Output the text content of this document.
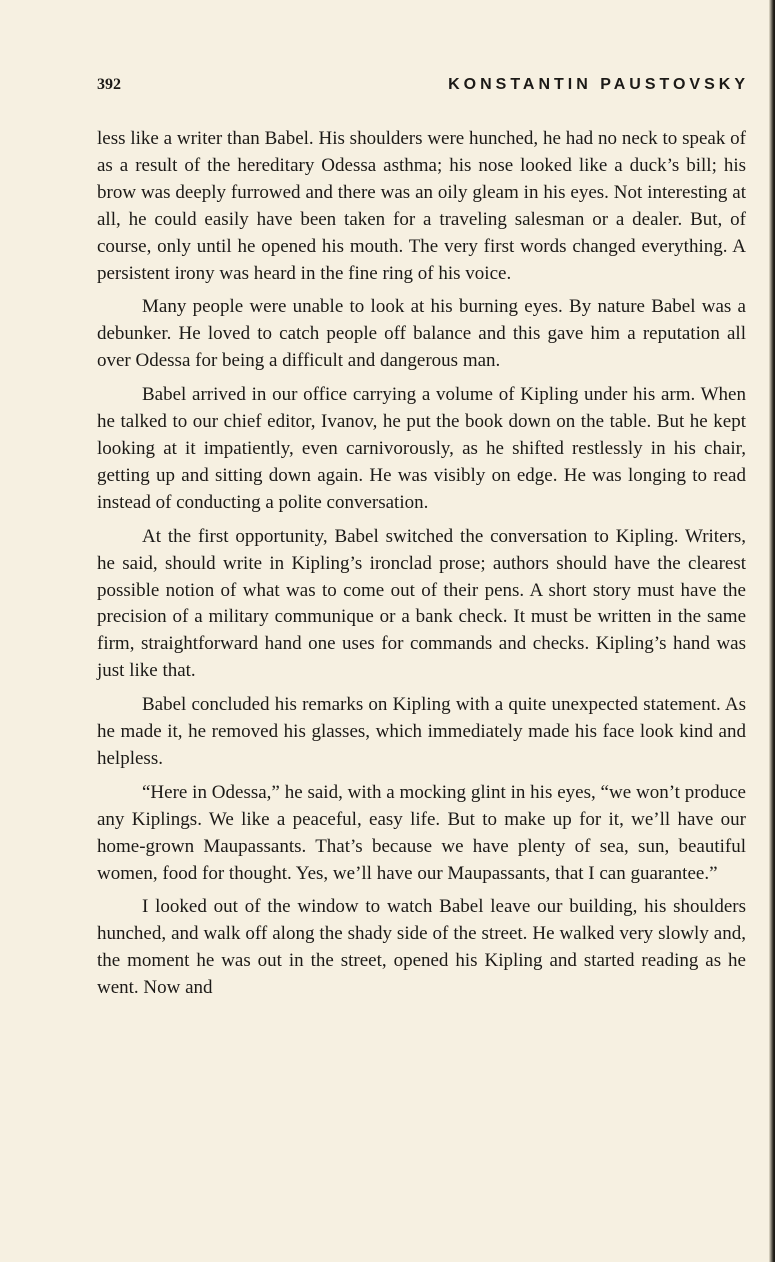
392	KONSTANTIN PAUSTOVSKY

less like a writer than Babel. His shoulders were hunched, he had no neck to speak of as a result of the hereditary Odessa asthma; his nose looked like a duck’s bill; his brow was deeply furrowed and there was an oily gleam in his eyes. Not interesting at all, he could easily have been taken for a traveling salesman or a dealer. But, of course, only until he opened his mouth. The very first words changed everything. A persistent irony was heard in the fine ring of his voice.

Many people were unable to look at his burning eyes. By nature Babel was a debunker. He loved to catch people off balance and this gave him a reputation all over Odessa for being a difficult and dangerous man.

Babel arrived in our office carrying a volume of Kipling under his arm. When he talked to our chief editor, Ivanov, he put the book down on the table. But he kept looking at it impatiently, even carnivorously, as he shifted restlessly in his chair, getting up and sitting down again. He was visibly on edge. He was longing to read instead of conducting a polite conversation.

At the first opportunity, Babel switched the conversation to Kipling. Writers, he said, should write in Kipling’s ironclad prose; authors should have the clearest possible notion of what was to come out of their pens. A short story must have the precision of a military communique or a bank check. It must be written in the same firm, straightforward hand one uses for commands and checks. Kipling’s hand was just like that.

Babel concluded his remarks on Kipling with a quite unexpected statement. As he made it, he removed his glasses, which immediately made his face look kind and helpless.

“Here in Odessa,” he said, with a mocking glint in his eyes, “we won’t produce any Kiplings. We like a peaceful, easy life. But to make up for it, we’ll have our home-grown Maupassants. That’s because we have plenty of sea, sun, beautiful women, food for thought. Yes, we’ll have our Maupassants, that I can guarantee.”

I looked out of the window to watch Babel leave our building, his shoulders hunched, and walk off along the shady side of the street. He walked very slowly and, the moment he was out in the street, opened his Kipling and started reading as he went. Now and
